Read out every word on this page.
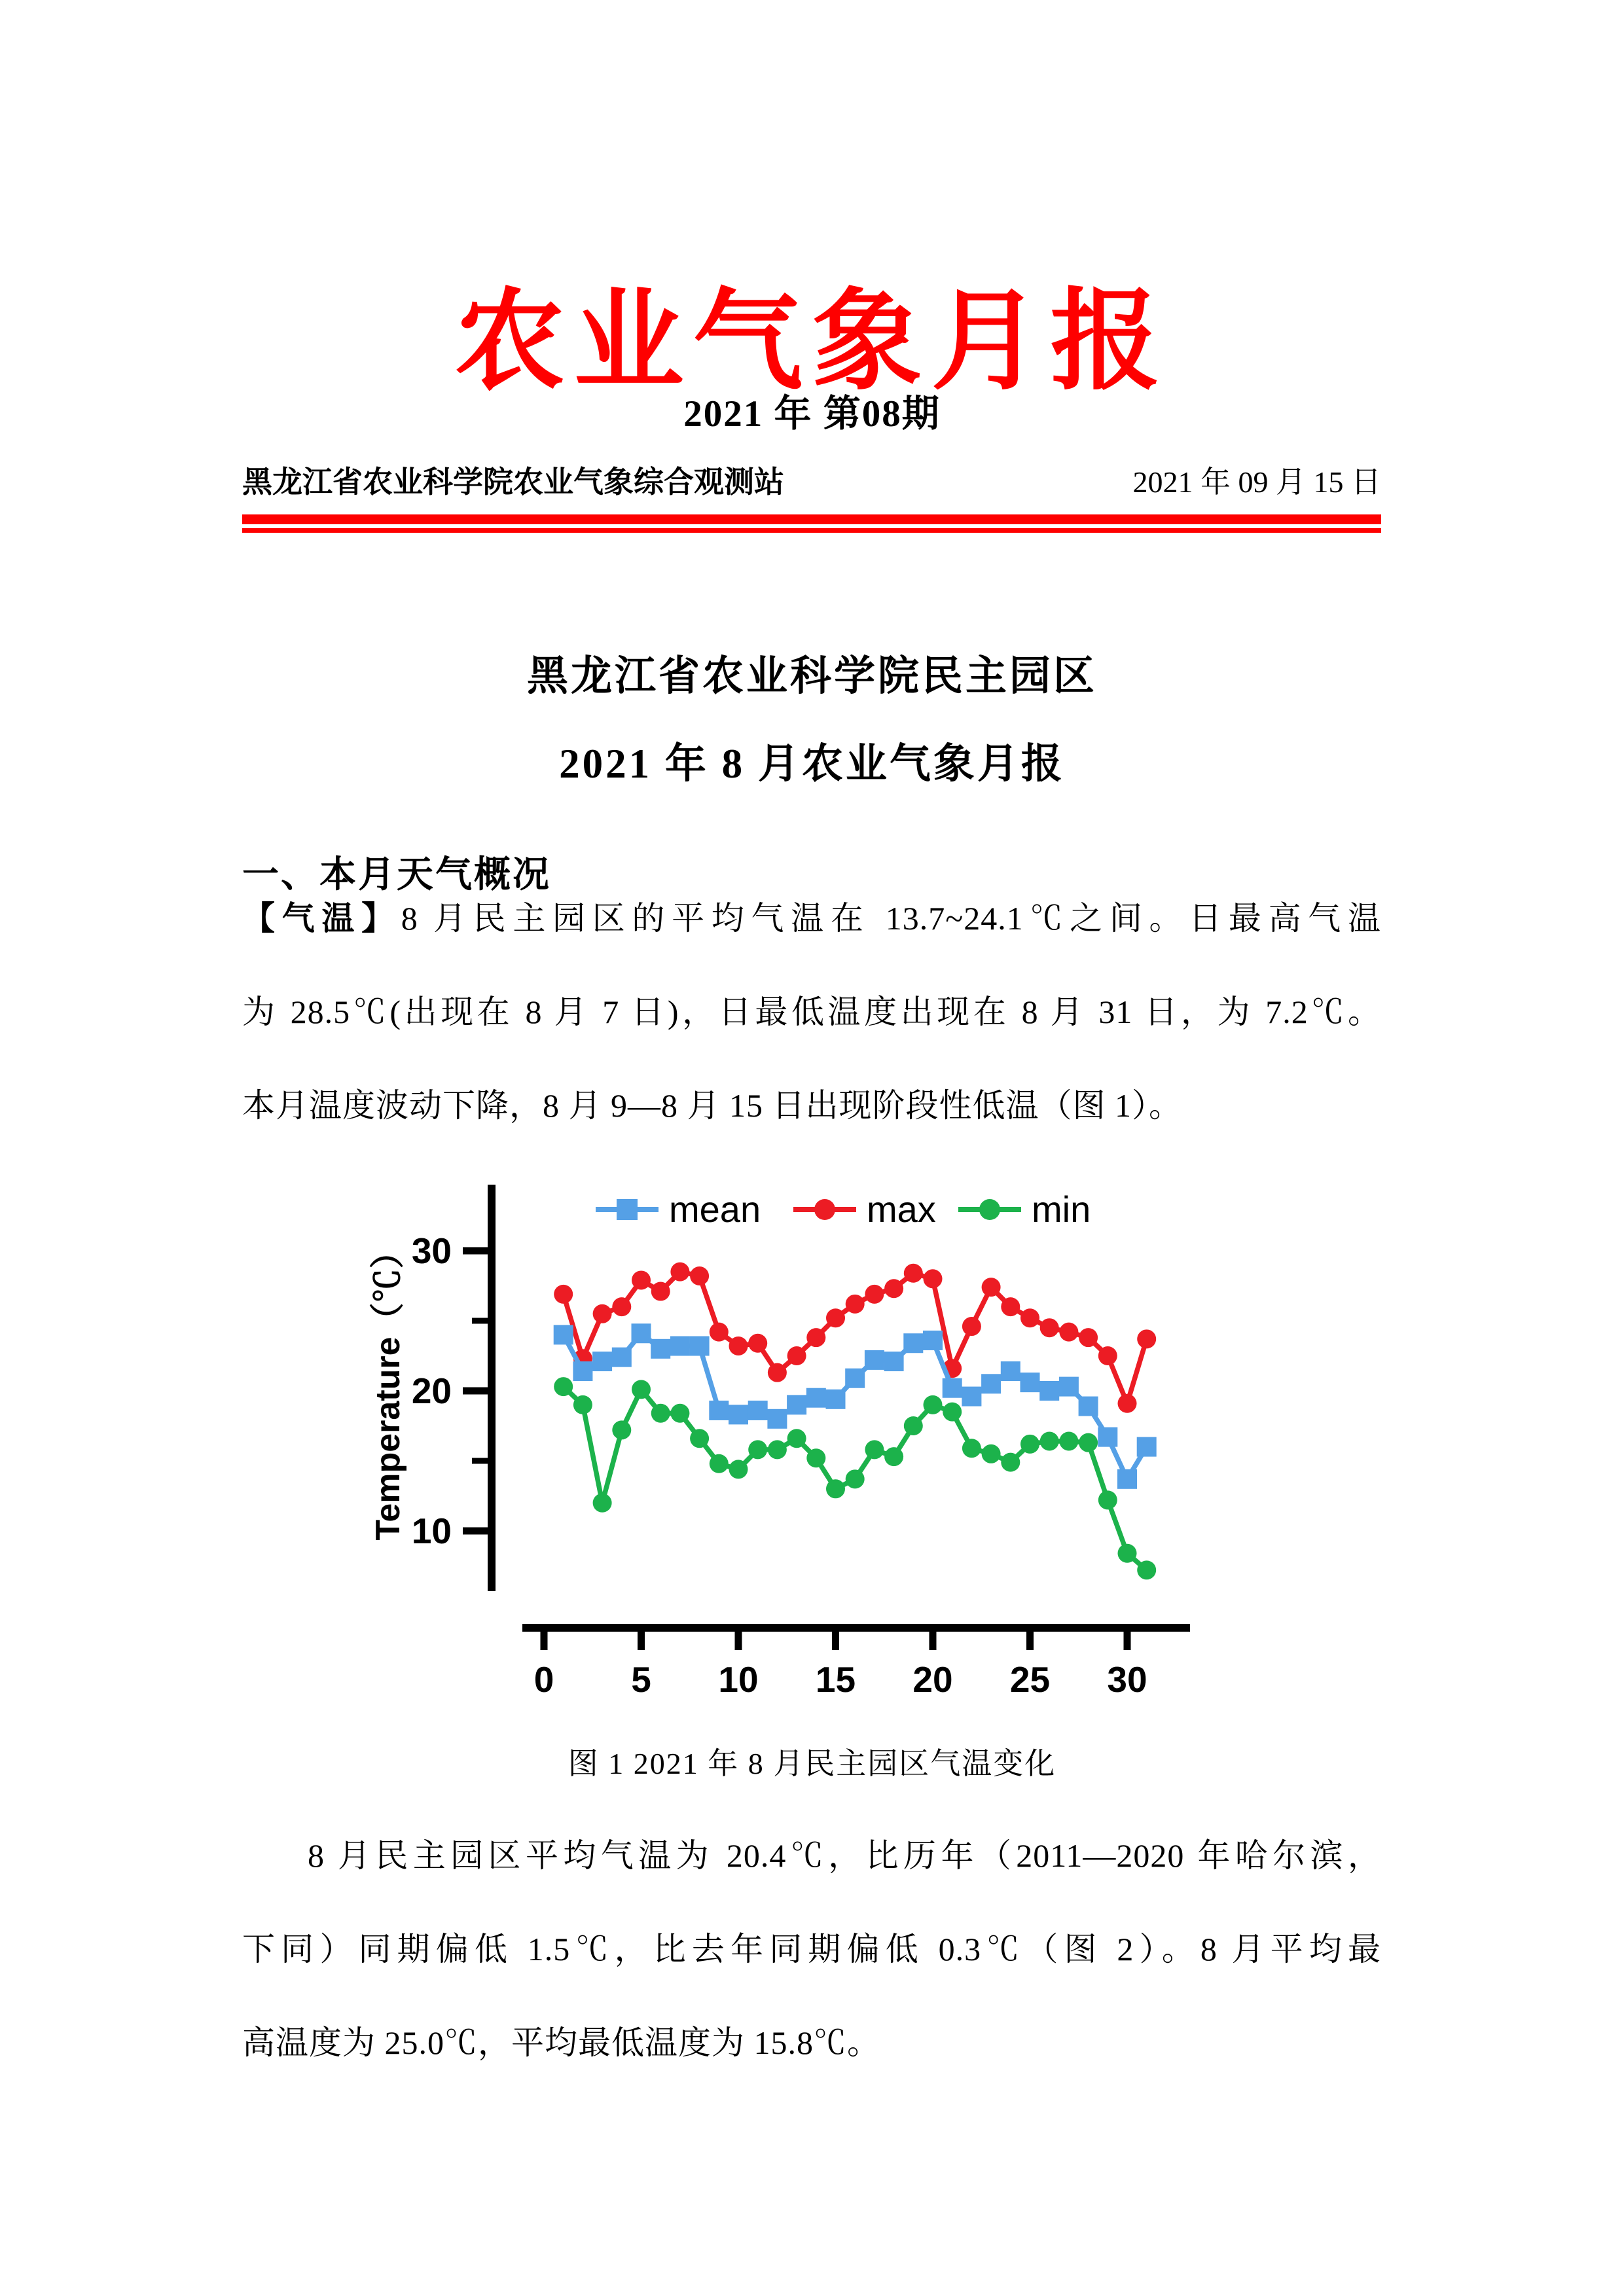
农业气象月报
2021 年 第08期
黑龙江省农业科学院农业气象综合观测站	2021 年 09 月 15 日
黑龙江省农业科学院民主园区
2021 年 8 月农业气象月报
一、本月天气概况
【气温】8 月民主园区的平均气温在 13.7~24.1℃之间。日最高气温
为 28.5℃(出现在 8 月 7 日)，日最低温度出现在 8 月 31 日，为 7.2℃。
本月温度波动下降，8 月 9—8 月 15 日出现阶段性低温（图 1）。
10
20
30
0 5 10 15 20 25 30
Temperature（℃）
mean	max	min
图 1 2021 年 8 月民主园区气温变化
8 月民主园区平均气温为 20.4℃，比历年（2011—2020 年哈尔滨，
下同）同期偏低 1.5℃，比去年同期偏低 0.3℃（图 2）。8 月平均最
高温度为 25.0℃，平均最低温度为 15.8℃。
